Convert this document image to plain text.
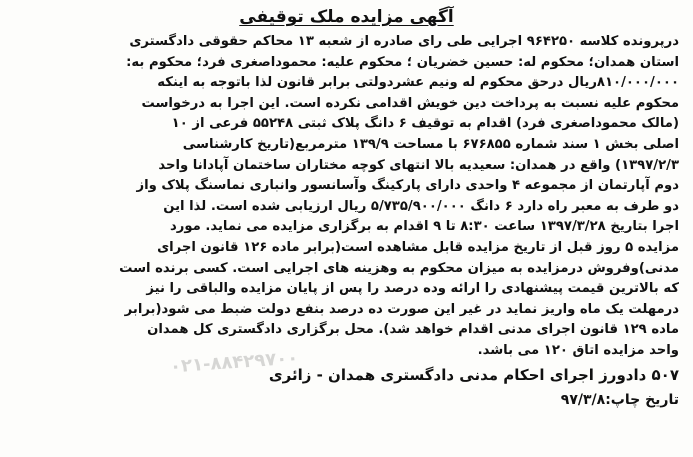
آگهی مزایده ملک توقیفی
درپرونده کلاسه ۹۶۴۲۵۰ اجرایی طی رای صادره از شعبه ۱۳ محاکم حقوقی دادگستری
استان همدان؛ محکوم له: حسین خضریان ؛ محکوم علیه: محموداصغری فرد؛ محکوم به:
۸۱۰/۰۰۰/۰۰۰ریال درحق محکوم له ونیم عشردولتی برابر قانون لذا باتوجه به اینکه
محکوم علیه نسبت به پرداخت دین خویش اقدامی نکرده است. این اجرا به درخواست
(مالک محموداصغری فرد) اقدام به توقیف ۶ دانگ پلاک ثبتی ۵۵۲۴۸ فرعی از ۱۰
اصلی بخش ۱ سند شماره ۶۷۶۸۵۵ با مساحت ۱۳۹/۹ مترمربع(تاریخ کارشناسی
۱۳۹۷/۲/۳) واقع در همدان: سعیدیه بالا انتهای کوچه مختاران ساختمان آپادانا واحد
دوم آپارتمان از مجموعه ۴ واحدی دارای پارکینگ وآسانسور وانباری نماسنگ پلاک واز
دو طرف به معبر راه دارد ۶ دانگ ۵/۷۳۵/۹۰۰/۰۰۰ ریال ارزیابی شده است. لذا این
اجرا بتاریخ ۱۳۹۷/۳/۲۸ ساعت ۸:۳۰ تا ۹ اقدام به برگزاری مزایده می نماید. مورد
مزایده ۵ روز قبل از تاریخ مزایده قابل مشاهده است(برابر ماده ۱۲۶ قانون اجرای
مدنی)وفروش درمزایده به میزان محکوم به وهزینه های اجرایی است. کسی برنده است
که بالاترین قیمت پیشنهادی را ارائه وده درصد را پس از پایان مزایده والباقی را نیز
درمهلت یک ماه واریز نماید در غیر این صورت ده درصد بنفع دولت ضبط می شود(برابر
ماده ۱۲۹ قانون اجرای مدنی اقدام خواهد شد). محل برگزاری دادگستری کل همدان
واحد مزایده اتاق ۱۲۰ می باشد.
۵۰۷ دادورز اجرای احکام مدنی دادگستری همدان - زائری
تاریخ چاپ:۹۷/۳/۸
۰۲۱-۸۸۴۲۹۷۰۰
